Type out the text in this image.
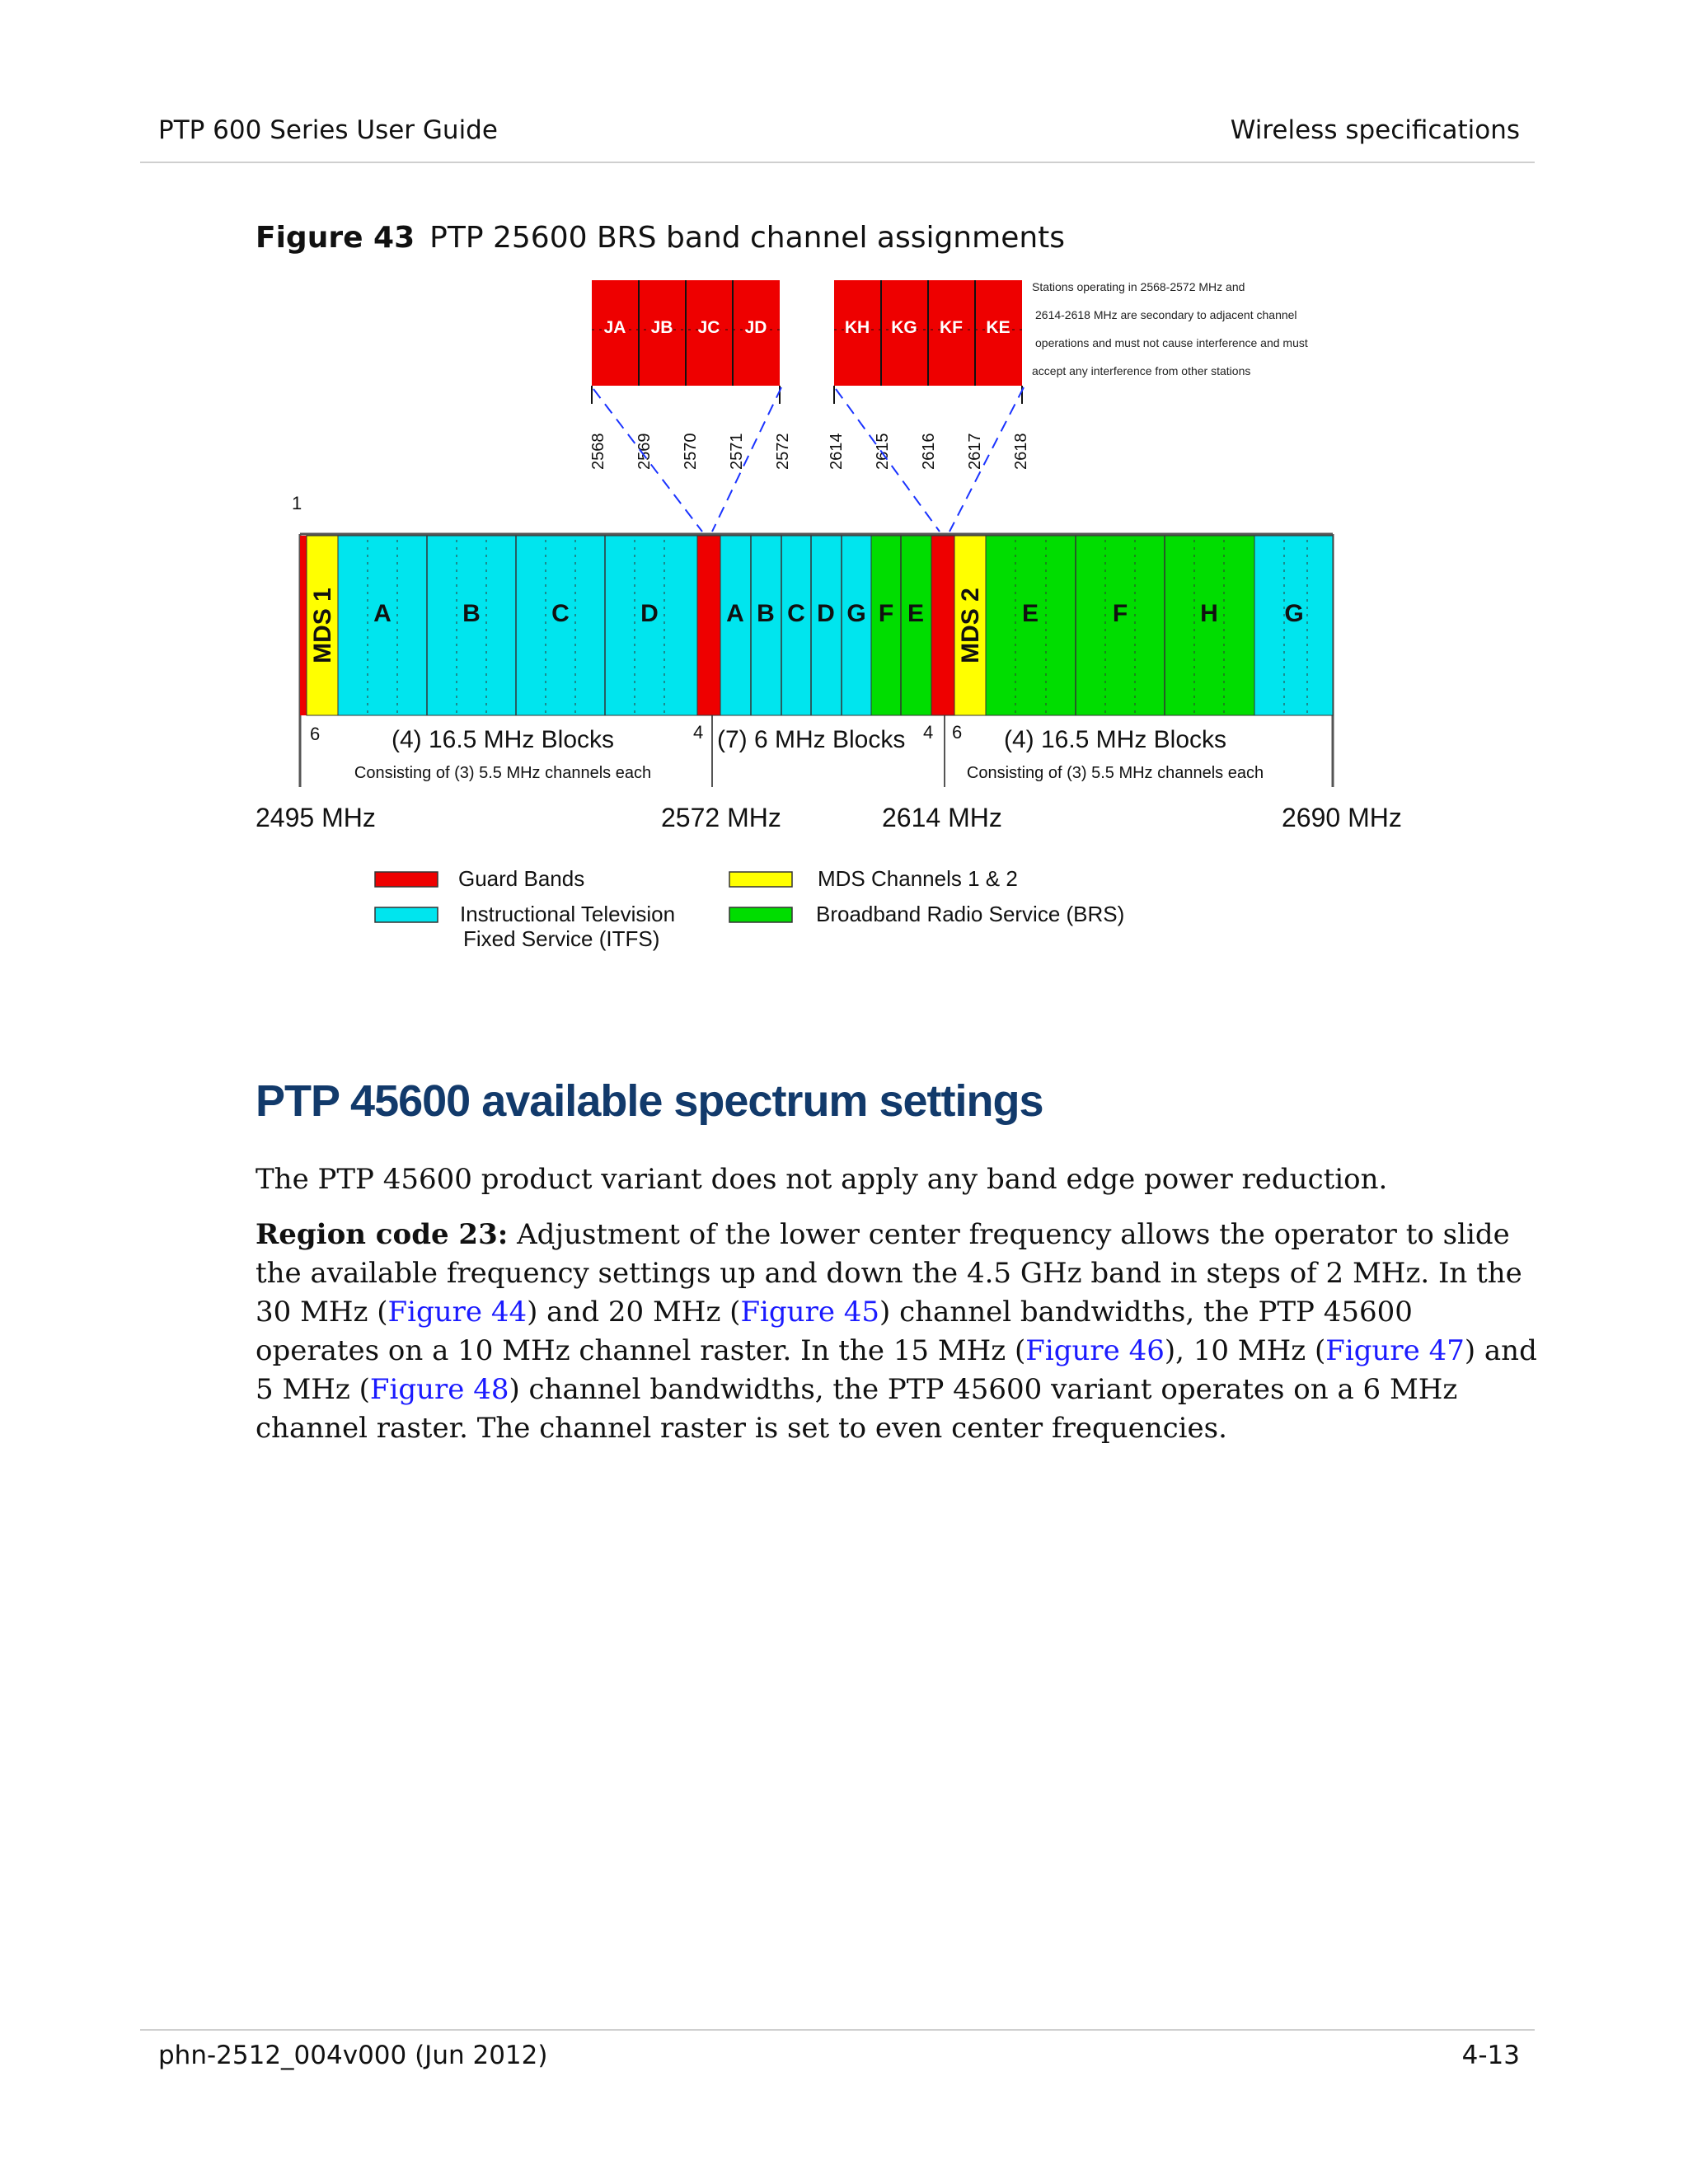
PTP 600 Series User Guide	Wireless specifications
Figure 43 PTP 25600 BRS band channel assignments
JA JB JC JD	KH KG KF KE
Stations operating in 2568-2572 MHz and
2614-2618 MHz are secondary to adjacent channel
operations and must not cause interference and must
accept any interference from other stations
2568 2569 2570 2571 2572 2614 2615 2616 2617 2618
MDS 1 A	B	C	D	A B C D G F E MDS 2 E	F	H	G
1
6	4	4 6
(4) 16.5 MHz Blocks
Consisting of (3) 5.5 MHz channels each
(7) 6 MHz Blocks	(4) 16.5 MHz Blocks
Consisting of (3) 5.5 MHz channels each
2495 MHz	2572 MHz	2614 MHz	2690 MHz
Guard Bands	MDS Channels 1 & 2
Instructional Television
Fixed Service (ITFS)
Broadband Radio Service (BRS)
PTP 45600 available spectrum settings
The PTP 45600 product variant does not apply any band edge power reduction.
Region code 23: Adjustment of the lower center frequency allows the operator to slide the available frequency settings up and down the 4.5 GHz band in steps of 2 MHz. In the 30 MHz (Figure 44) and 20 MHz (Figure 45) channel bandwidths, the PTP 45600 operates on a 10 MHz channel raster. In the 15 MHz (Figure 46), 10 MHz (Figure 47) and 5 MHz (Figure 48) channel bandwidths, the PTP 45600 variant operates on a 6 MHz channel raster. The channel raster is set to even center frequencies.
phn-2512_004v000 (Jun 2012)	4-13
